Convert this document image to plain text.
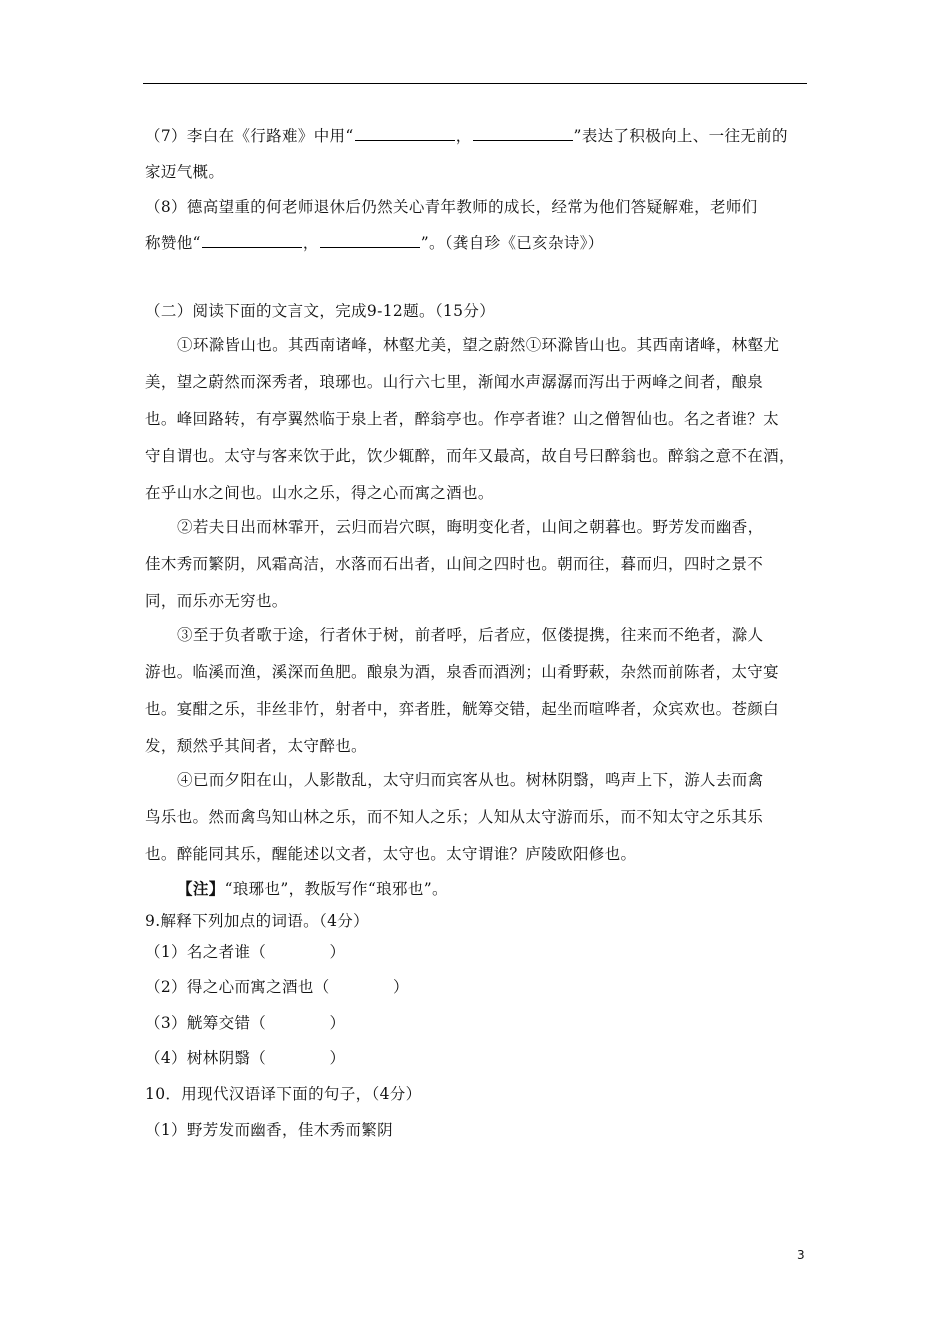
（7）李白在《行路难》中用“	，	”表达了积极向上、一往无前的
家迈气概。
（8）德高望重的何老师退休后仍然关心青年教师的成长，经常为他们答疑解难，老师们
称赞他“	，	”。（龚自珍《已亥杂诗》）
（二）阅读下面的文言文，完成9-12题。（15分）
①环滁皆山也。其西南诸峰，林壑尤美，望之蔚然①环滁皆山也。其西南诸峰，林壑尤
美，望之蔚然而深秀者，琅琊也。山行六七里，渐闻水声潺潺而泻出于两峰之间者，酿泉
也。峰回路转，有亭翼然临于泉上者，醉翁亭也。作亭者谁？山之僧智仙也。名之者谁？太
守自谓也。太守与客来饮于此，饮少辄醉，而年又最高，故自号曰醉翁也。醉翁之意不在酒，
在乎山水之间也。山水之乐，得之心而寓之酒也。
②若夫日出而林霏开，云归而岩穴暝，晦明变化者，山间之朝暮也。野芳发而幽香，
佳木秀而繁阴，风霜高洁，水落而石出者，山间之四时也。朝而往，暮而归，四时之景不
同，而乐亦无穷也。
③至于负者歌于途，行者休于树，前者呼，后者应，伛偻提携，往来而不绝者，滁人
游也。临溪而渔，溪深而鱼肥。酿泉为酒，泉香而酒洌；山肴野蔌，杂然而前陈者，太守宴
也。宴酣之乐，非丝非竹，射者中，弈者胜，觥筹交错，起坐而喧哗者，众宾欢也。苍颜白
发，颓然乎其间者，太守醉也。
④已而夕阳在山，人影散乱，太守归而宾客从也。树林阴翳，鸣声上下，游人去而禽
鸟乐也。然而禽鸟知山林之乐，而不知人之乐；人知从太守游而乐，而不知太守之乐其乐
也。醉能同其乐，醒能述以文者，太守也。太守谓谁？庐陵欧阳修也。
【注】“琅琊也”，教版写作“琅邪也”。
9.解释下列加点的词语。（4分）
（1）名之者谁（　　　　）
（2）得之心而寓之酒也（　　　　）
（3）觥筹交错（　　　　）
（4）树林阴翳（　　　　）
10．用现代汉语译下面的句子，（4分）
（1）野芳发而幽香，佳木秀而繁阴
3
